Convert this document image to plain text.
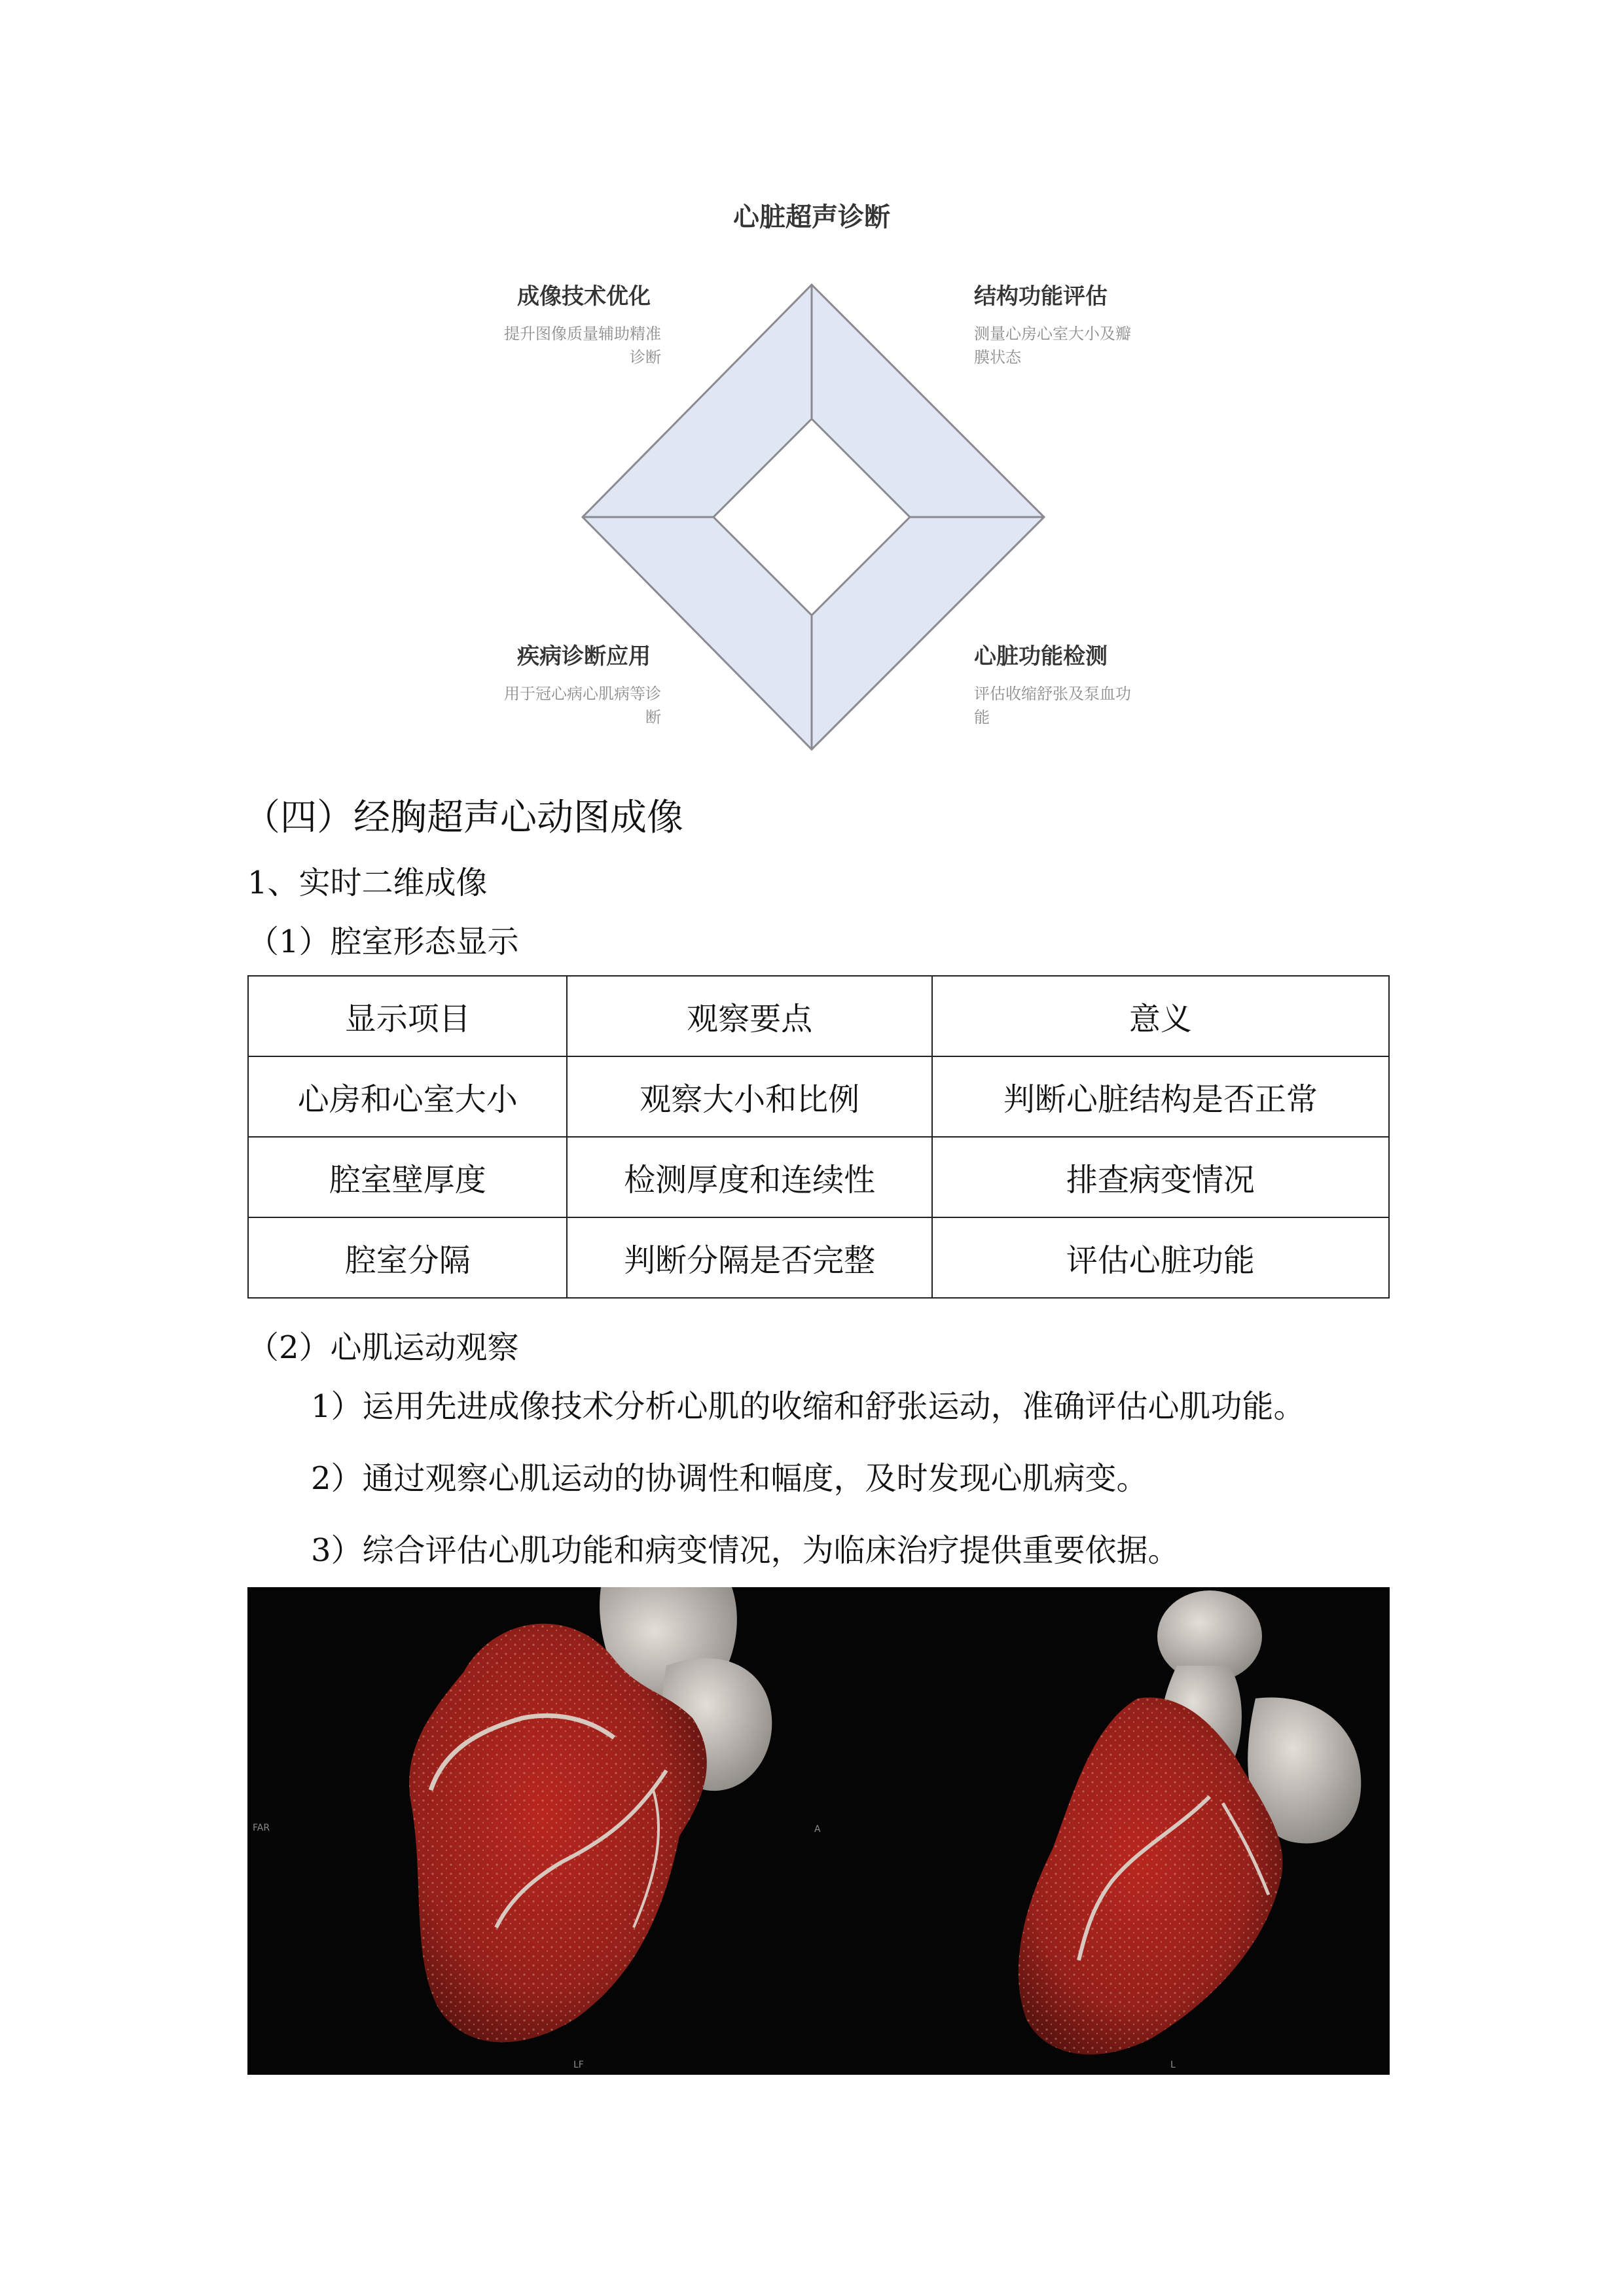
心脏超声诊断
成像技术优化
提升图像质量辅助精准
诊断
结构功能评估
测量心房心室大小及瓣
膜状态
疾病诊断应用
用于冠心病心肌病等诊
断
心脏功能检测
评估收缩舒张及泵血功
能
（四）经胸超声心动图成像
1、实时二维成像
（1）腔室形态显示
显示项目	观察要点	意义
心房和心室大小	观察大小和比例	判断心脏结构是否正常
腔室壁厚度	检测厚度和连续性	排查病变情况
腔室分隔	判断分隔是否完整	评估心脏功能
（2）心肌运动观察
1）运用先进成像技术分析心肌的收缩和舒张运动，准确评估心肌功能。
2）通过观察心肌运动的协调性和幅度，及时发现心肌病变。
3）综合评估心肌功能和病变情况，为临床治疗提供重要依据。
FAR	A
LF	L
